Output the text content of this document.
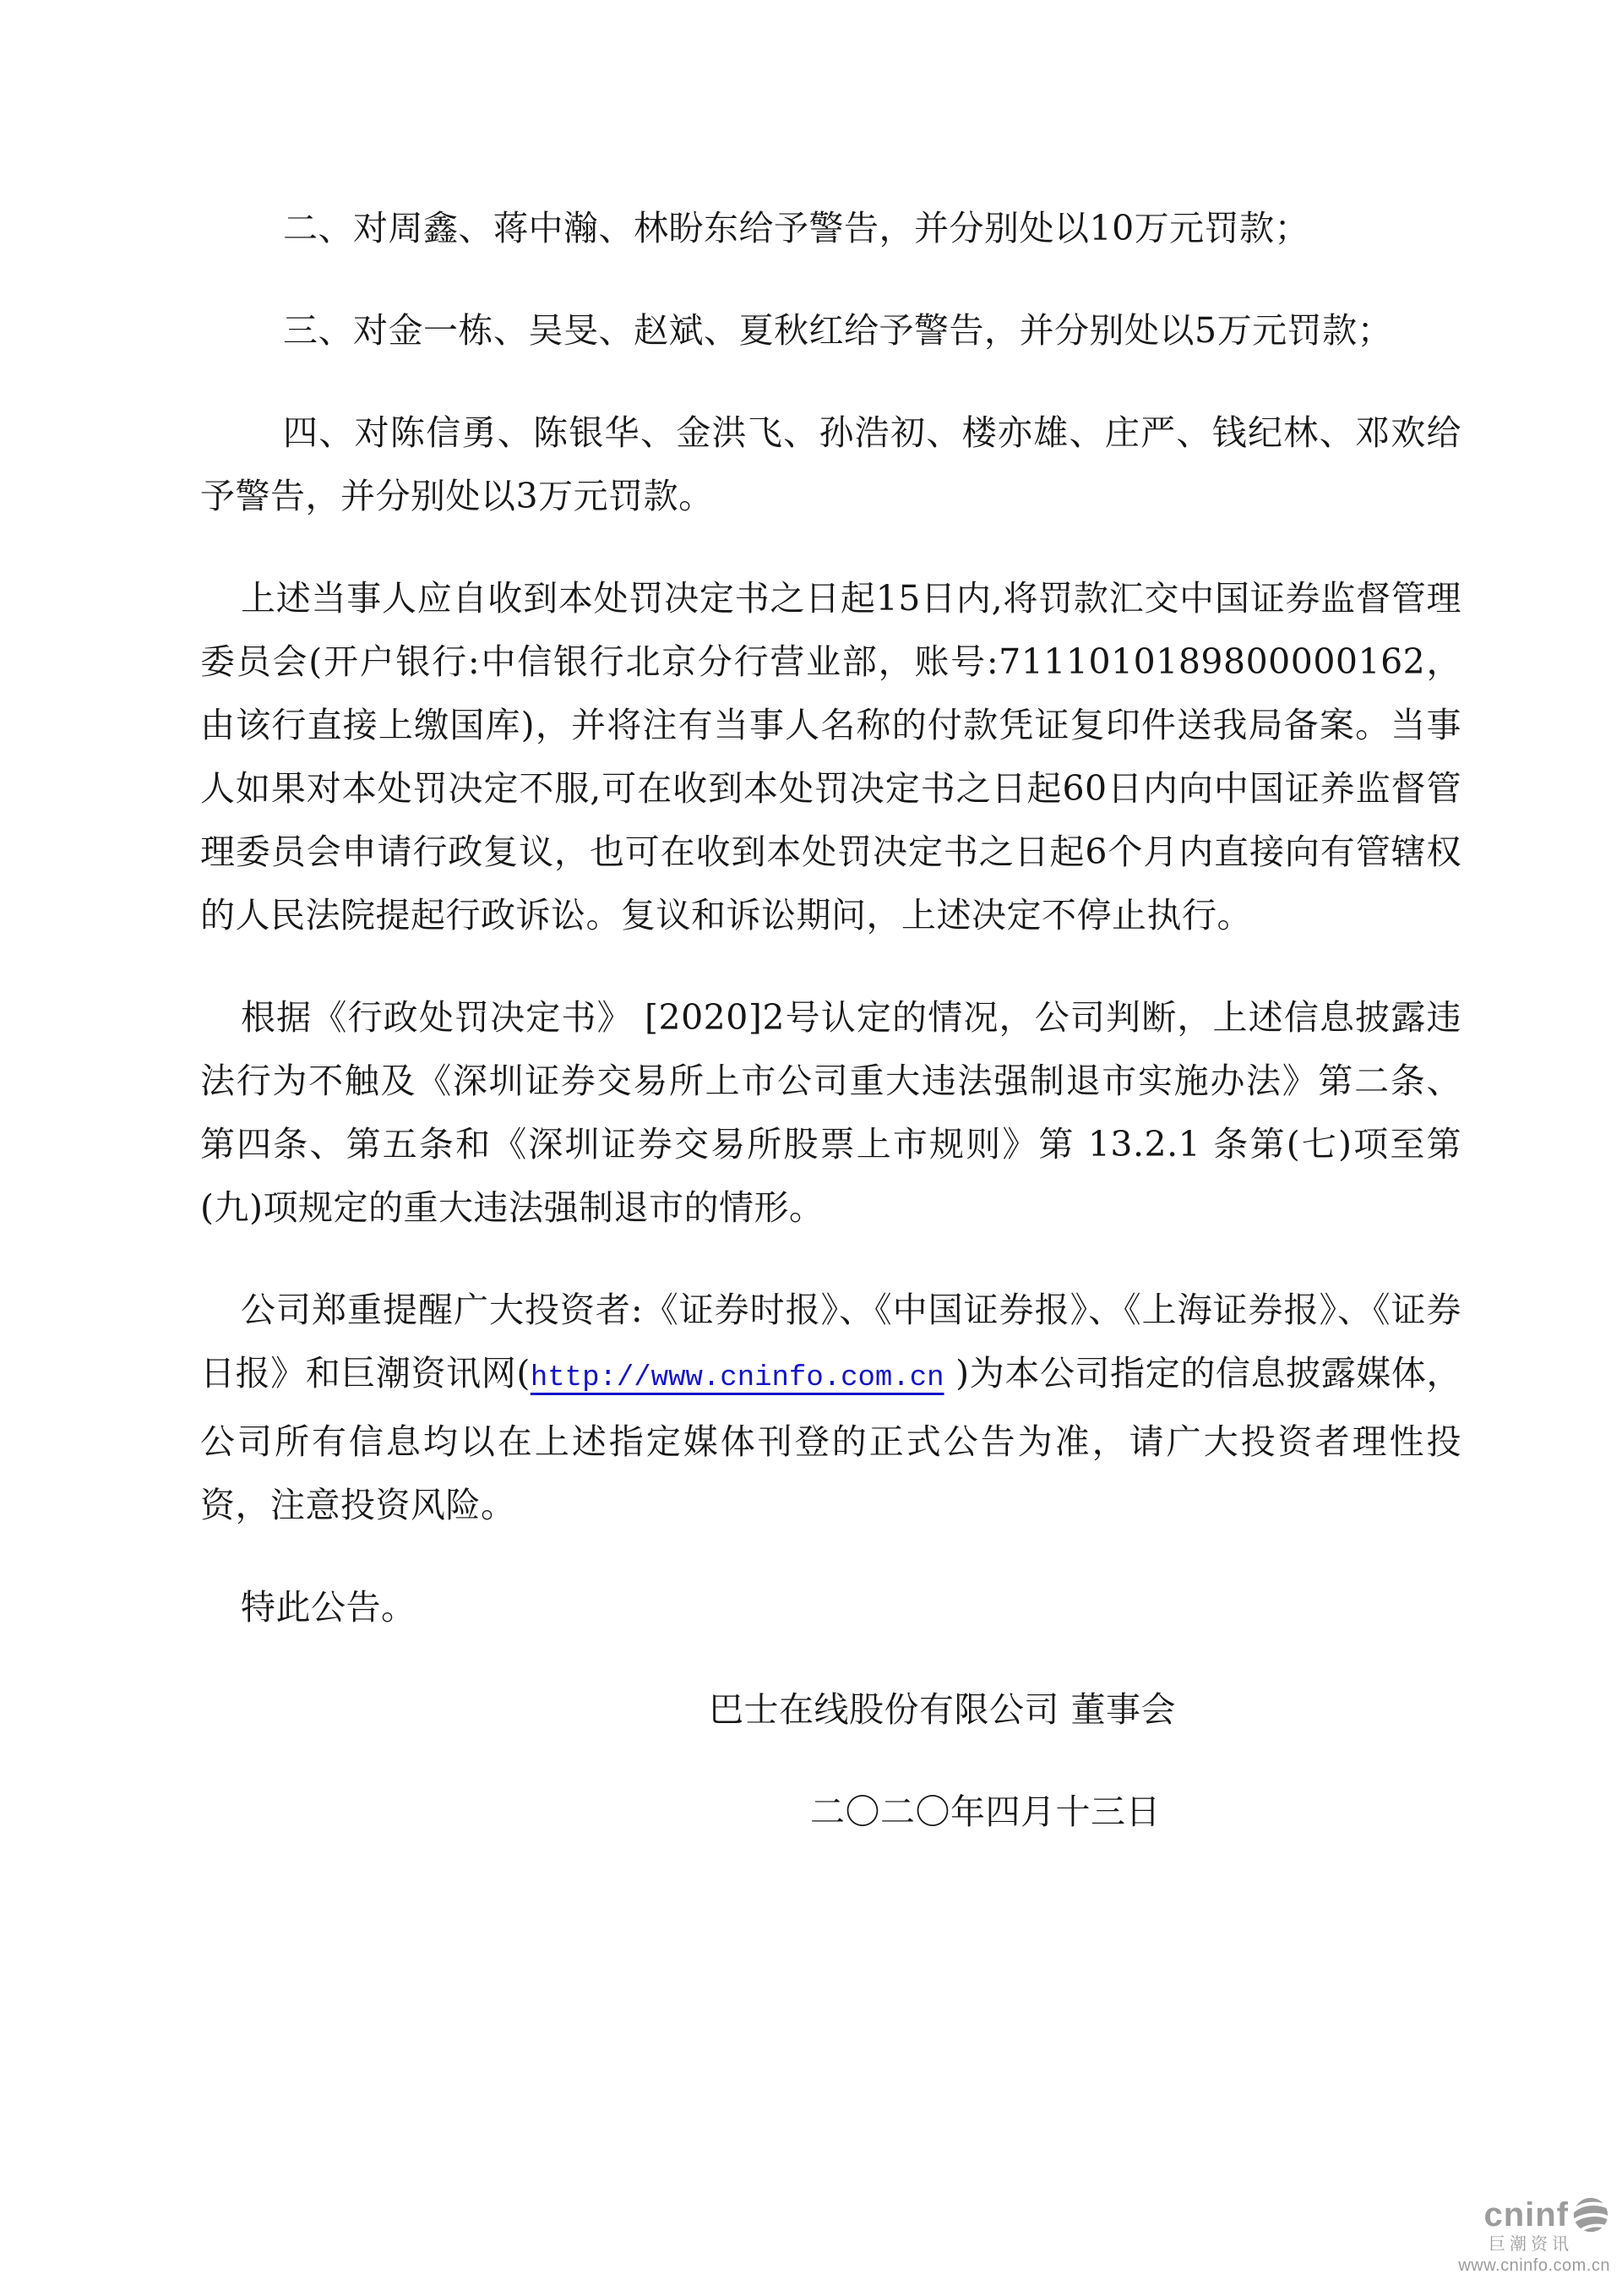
二、对周鑫、蒋中瀚、林盼东给予警告，并分别处以10万元罚款；

三、对金一栋、吴旻、赵斌、夏秋红给予警告，并分别处以5万元罚款；

四、对陈信勇、陈银华、金洪飞、孙浩初、楼亦雄、庄严、钱纪林、邓欢给予警告，并分别处以3万元罚款。

上述当事人应自收到本处罚决定书之日起15日内,将罚款汇交中国证券监督管理委员会(开户银行:中信银行北京分行营业部，账号:7111010189800000162，由该行直接上缴国库)，并将注有当事人名称的付款凭证复印件送我局备案。当事人如果对本处罚决定不服,可在收到本处罚决定书之日起60日内向中国证养监督管理委员会申请行政复议，也可在收到本处罚决定书之日起6个月内直接向有管辖权的人民法院提起行政诉讼。复议和诉讼期问，上述决定不停止执行。

根据《行政处罚决定书》 [2020]2号认定的情况，公司判断，上述信息披露违法行为不触及《深圳证券交易所上市公司重大违法强制退市实施办法》第二条、第四条、第五条和《深圳证券交易所股票上市规则》第 13.2.1 条第(七)项至第(九)项规定的重大违法强制退市的情形。

公司郑重提醒广大投资者:《证券时报》、《中国证券报》、《上海证券报》、《证券日报》和巨潮资讯网(http://www.cninfo.com.cn )为本公司指定的信息披露媒体，公司所有信息均以在上述指定媒体刊登的正式公告为准，请广大投资者理性投资，注意投资风险。

特此公告。

巴士在线股份有限公司 董事会

二〇二〇年四月十三日

cninf
巨潮资讯
www.cninfo.com.cn
